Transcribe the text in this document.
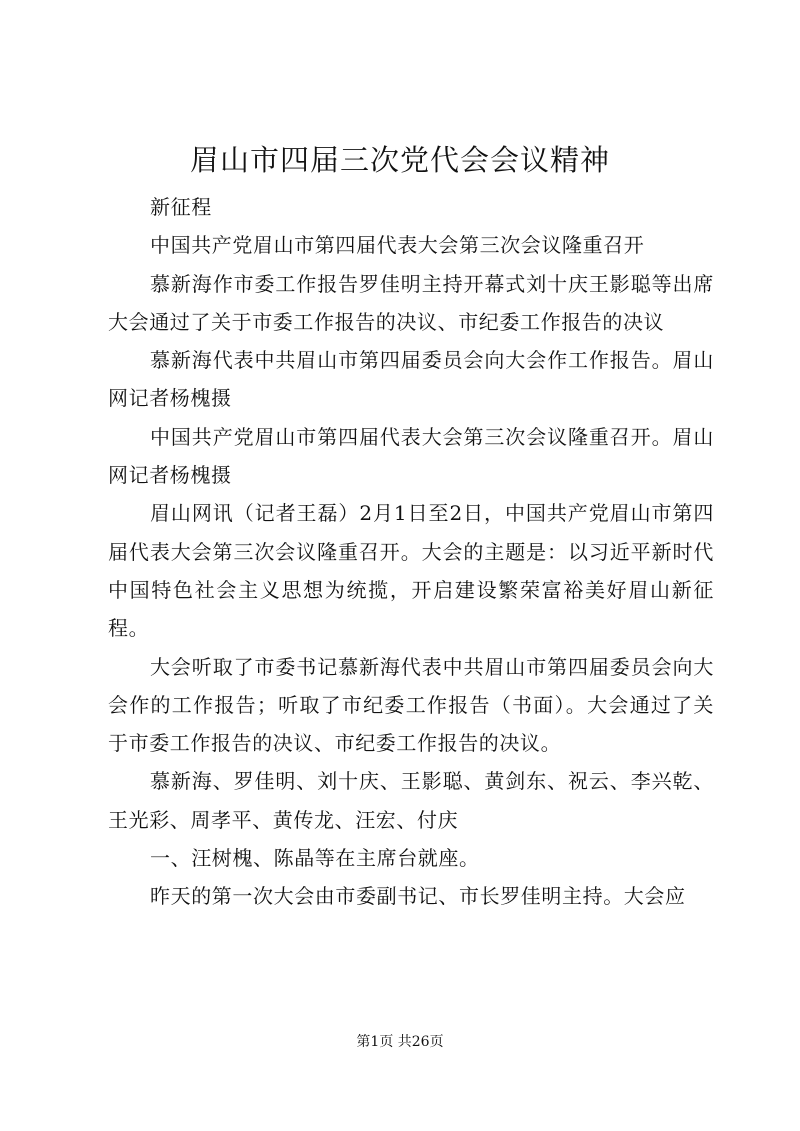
眉山市四届三次党代会会议精神

新征程

中国共产党眉山市第四届代表大会第三次会议隆重召开

慕新海作市委工作报告罗佳明主持开幕式刘十庆王影聪等出席大会通过了关于市委工作报告的决议、市纪委工作报告的决议

慕新海代表中共眉山市第四届委员会向大会作工作报告。眉山网记者杨槐摄

中国共产党眉山市第四届代表大会第三次会议隆重召开。眉山网记者杨槐摄

眉山网讯（记者王磊）2月1日至2日，中国共产党眉山市第四届代表大会第三次会议隆重召开。大会的主题是：以习近平新时代中国特色社会主义思想为统揽，开启建设繁荣富裕美好眉山新征程。

大会听取了市委书记慕新海代表中共眉山市第四届委员会向大会作的工作报告；听取了市纪委工作报告（书面）。大会通过了关于市委工作报告的决议、市纪委工作报告的决议。

慕新海、罗佳明、刘十庆、王影聪、黄剑东、祝云、李兴乾、王光彩、周孝平、黄传龙、汪宏、付庆

一、汪树槐、陈晶等在主席台就座。

昨天的第一次大会由市委副书记、市长罗佳明主持。大会应

第1页 共26页
